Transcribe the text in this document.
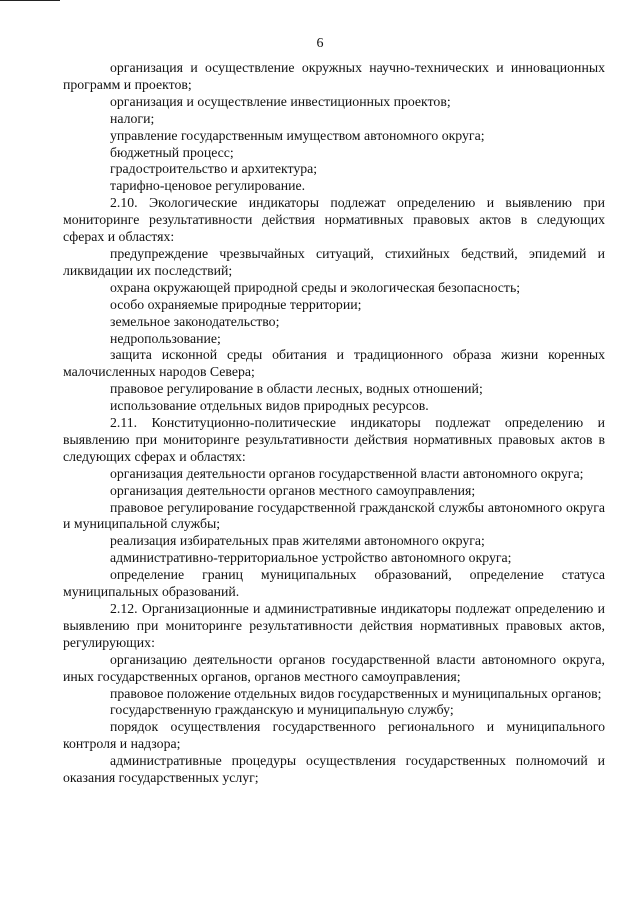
6

организация и осуществление окружных научно-технических и инновационных программ и проектов;

организация и осуществление инвестиционных проектов;

налоги;

управление государственным имуществом автономного округа;

бюджетный процесс;

градостроительство и архитектура;

тарифно-ценовое регулирование.

2.10. Экологические индикаторы подлежат определению и выявлению при мониторинге результативности действия нормативных правовых актов в следующих сферах и областях:

предупреждение чрезвычайных ситуаций, стихийных бедствий, эпидемий и ликвидации их последствий;

охрана окружающей природной среды и экологическая безопасность;

особо охраняемые природные территории;

земельное законодательство;

недропользование;

защита исконной среды обитания и традиционного образа жизни коренных малочисленных народов Севера;

правовое регулирование в области лесных, водных отношений;

использование отдельных видов природных ресурсов.

2.11. Конституционно-политические индикаторы подлежат определению и выявлению при мониторинге результативности действия нормативных правовых актов в следующих сферах и областях:

организация деятельности органов государственной власти автономного округа;

организация деятельности органов местного самоуправления;

правовое регулирование государственной гражданской службы автономного округа и муниципальной службы;

реализация избирательных прав жителями автономного округа;

административно-территориальное устройство автономного округа;

определение границ муниципальных образований, определение статуса муниципальных образований.

2.12. Организационные и административные индикаторы подлежат определению и выявлению при мониторинге результативности действия нормативных правовых актов, регулирующих:

организацию деятельности органов государственной власти автономного округа, иных государственных органов, органов местного самоуправления;

правовое положение отдельных видов государственных и муниципальных органов;

государственную гражданскую и муниципальную службу;

порядок осуществления государственного регионального и муниципального контроля и надзора;

административные процедуры осуществления государственных полномочий и оказания государственных услуг;
